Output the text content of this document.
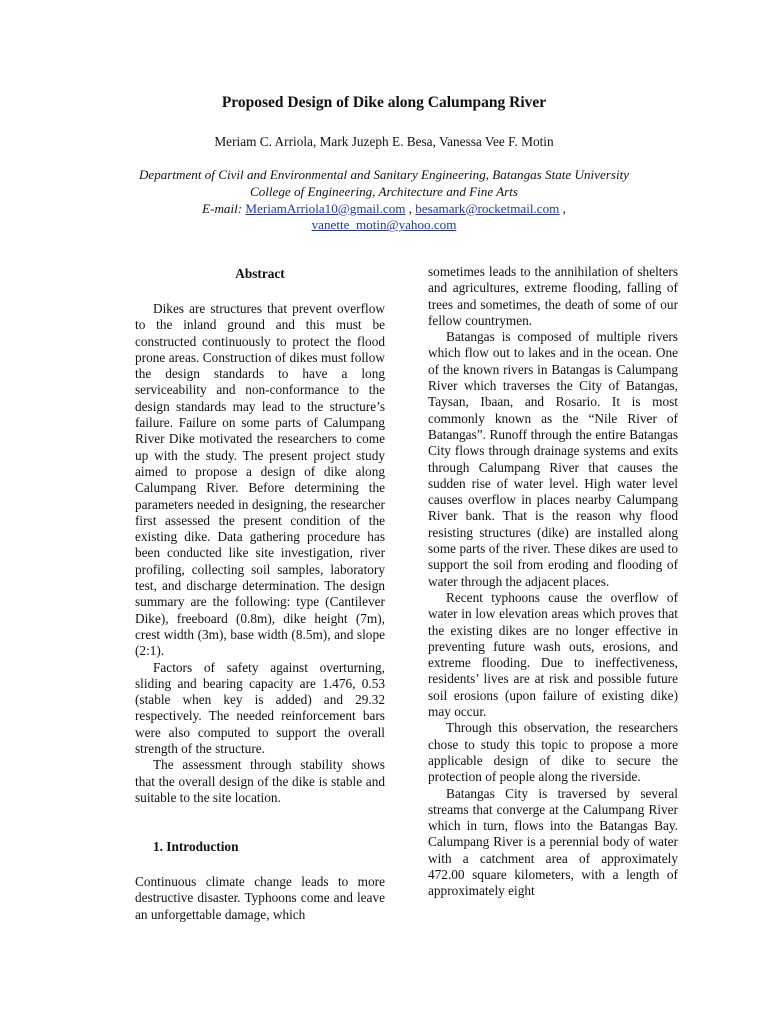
Proposed Design of Dike along Calumpang River
Meriam C. Arriola, Mark Juzeph E. Besa, Vanessa Vee F. Motin
Department of Civil and Environmental and Sanitary Engineering, Batangas State University
College of Engineering, Architecture and Fine Arts
E-mail: MeriamArriola10@gmail.com , besamark@rocketmail.com ,
vanette_motin@yahoo.com
Abstract

Dikes are structures that prevent overflow to the inland ground and this must be constructed continuously to protect the flood prone areas. Construction of dikes must follow the design standards to have a long serviceability and non-conformance to the design standards may lead to the structure’s failure. Failure on some parts of Calumpang River Dike motivated the researchers to come up with the study. The present project study aimed to propose a design of dike along Calumpang River. Before determining the parameters needed in designing, the researcher first assessed the present condition of the existing dike. Data gathering procedure has been conducted like site investigation, river profiling, collecting soil samples, laboratory test, and discharge determination. The design summary are the following: type (Cantilever Dike), freeboard (0.8m), dike height (7m), crest width (3m), base width (8.5m), and slope (2:1).

Factors of safety against overturning, sliding and bearing capacity are 1.476, 0.53 (stable when key is added) and 29.32 respectively. The needed reinforcement bars were also computed to support the overall strength of the structure.

The assessment through stability shows that the overall design of the dike is stable and suitable to the site location.

1. Introduction

Continuous climate change leads to more destructive disaster. Typhoons come and leave an unforgettable damage, which

sometimes leads to the annihilation of shelters and agricultures, extreme flooding, falling of trees and sometimes, the death of some of our fellow countrymen.

Batangas is composed of multiple rivers which flow out to lakes and in the ocean. One of the known rivers in Batangas is Calumpang River which traverses the City of Batangas, Taysan, Ibaan, and Rosario. It is most commonly known as the “Nile River of Batangas”. Runoff through the entire Batangas City flows through drainage systems and exits through Calumpang River that causes the sudden rise of water level. High water level causes overflow in places nearby Calumpang River bank. That is the reason why flood resisting structures (dike) are installed along some parts of the river. These dikes are used to support the soil from eroding and flooding of water through the adjacent places.

Recent typhoons cause the overflow of water in low elevation areas which proves that the existing dikes are no longer effective in preventing future wash outs, erosions, and extreme flooding. Due to ineffectiveness, residents’ lives are at risk and possible future soil erosions (upon failure of existing dike) may occur.

Through this observation, the researchers chose to study this topic to propose a more applicable design of dike to secure the protection of people along the riverside.

Batangas City is traversed by several streams that converge at the Calumpang River which in turn, flows into the Batangas Bay. Calumpang River is a perennial body of water with a catchment area of approximately 472.00 square kilometers, with a length of approximately eight
